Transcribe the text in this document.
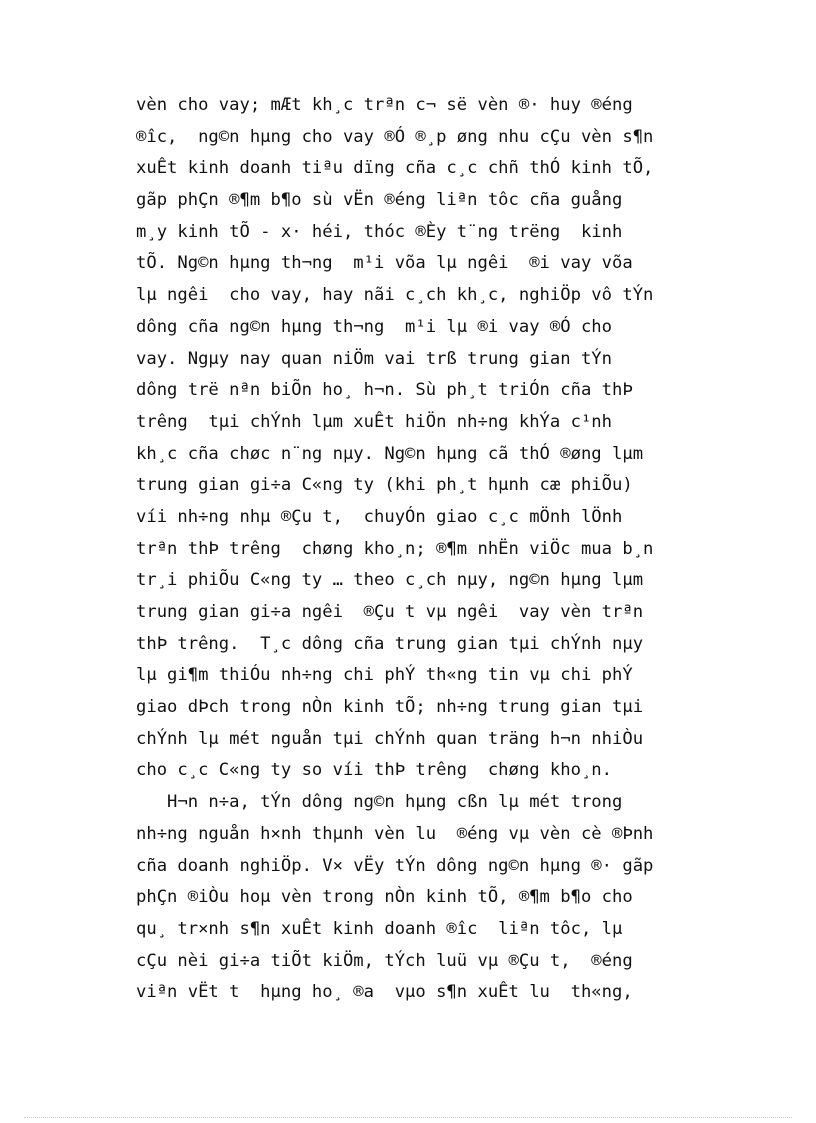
vèn cho vay; mÆt kh¸c trªn c¬ së vèn ®· huy ®éng
®îc,  ng©n hµng cho vay ®Ó ®¸p øng nhu cÇu vèn s¶n
xuÊt kinh doanh tiªu dïng cña c¸c chñ thÓ kinh tÕ,
gãp phÇn ®¶m b¶o sù vËn ®éng liªn tôc cña guång
m¸y kinh tÕ - x· héi, thóc ®Èy t¨ng trëng  kinh
tÕ. Ng©n hµng th¬ng  m¹i võa lµ ngêi  ®i vay võa
lµ ngêi  cho vay, hay nãi c¸ch kh¸c, nghiÖp vô tÝn
dông cña ng©n hµng th¬ng  m¹i lµ ®i vay ®Ó cho
vay. Ngµy nay quan niÖm vai trß trung gian tÝn
dông trë nªn biÕn ho¸ h¬n. Sù ph¸t triÓn cña thÞ
trêng  tµi chÝnh lµm xuÊt hiÖn nh÷ng khÝa c¹nh
kh¸c cña chøc n¨ng nµy. Ng©n hµng cã thÓ ®øng lµm
trung gian gi÷a C«ng ty (khi ph¸t hµnh cæ phiÕu)
víi nh÷ng nhµ ®Çu t,  chuyÓn giao c¸c mÖnh lÖnh
trªn thÞ trêng  chøng kho¸n; ®¶m nhËn viÖc mua b¸n
tr¸i phiÕu C«ng ty … theo c¸ch nµy, ng©n hµng lµm
trung gian gi÷a ngêi  ®Çu t vµ ngêi  vay vèn trªn
thÞ trêng.  T¸c dông cña trung gian tµi chÝnh nµy
lµ gi¶m thiÓu nh÷ng chi phÝ th«ng tin vµ chi phÝ
giao dÞch trong nÒn kinh tÕ; nh÷ng trung gian tµi
chÝnh lµ mét nguån tµi chÝnh quan träng h¬n nhiÒu
cho c¸c C«ng ty so víi thÞ trêng  chøng kho¸n.
H¬n n÷a, tÝn dông ng©n hµng cßn lµ mét trong
nh÷ng nguån h×nh thµnh vèn lu  ®éng vµ vèn cè ®Þnh
cña doanh nghiÖp. V× vËy tÝn dông ng©n hµng ®· gãp
phÇn ®iÒu hoµ vèn trong nÒn kinh tÕ, ®¶m b¶o cho
qu¸ tr×nh s¶n xuÊt kinh doanh ®îc  liªn tôc, lµ
cÇu nèi gi÷a tiÕt kiÖm, tÝch luü vµ ®Çu t,  ®éng
viªn vËt t  hµng ho¸ ®a  vµo s¶n xuÊt lu  th«ng,
